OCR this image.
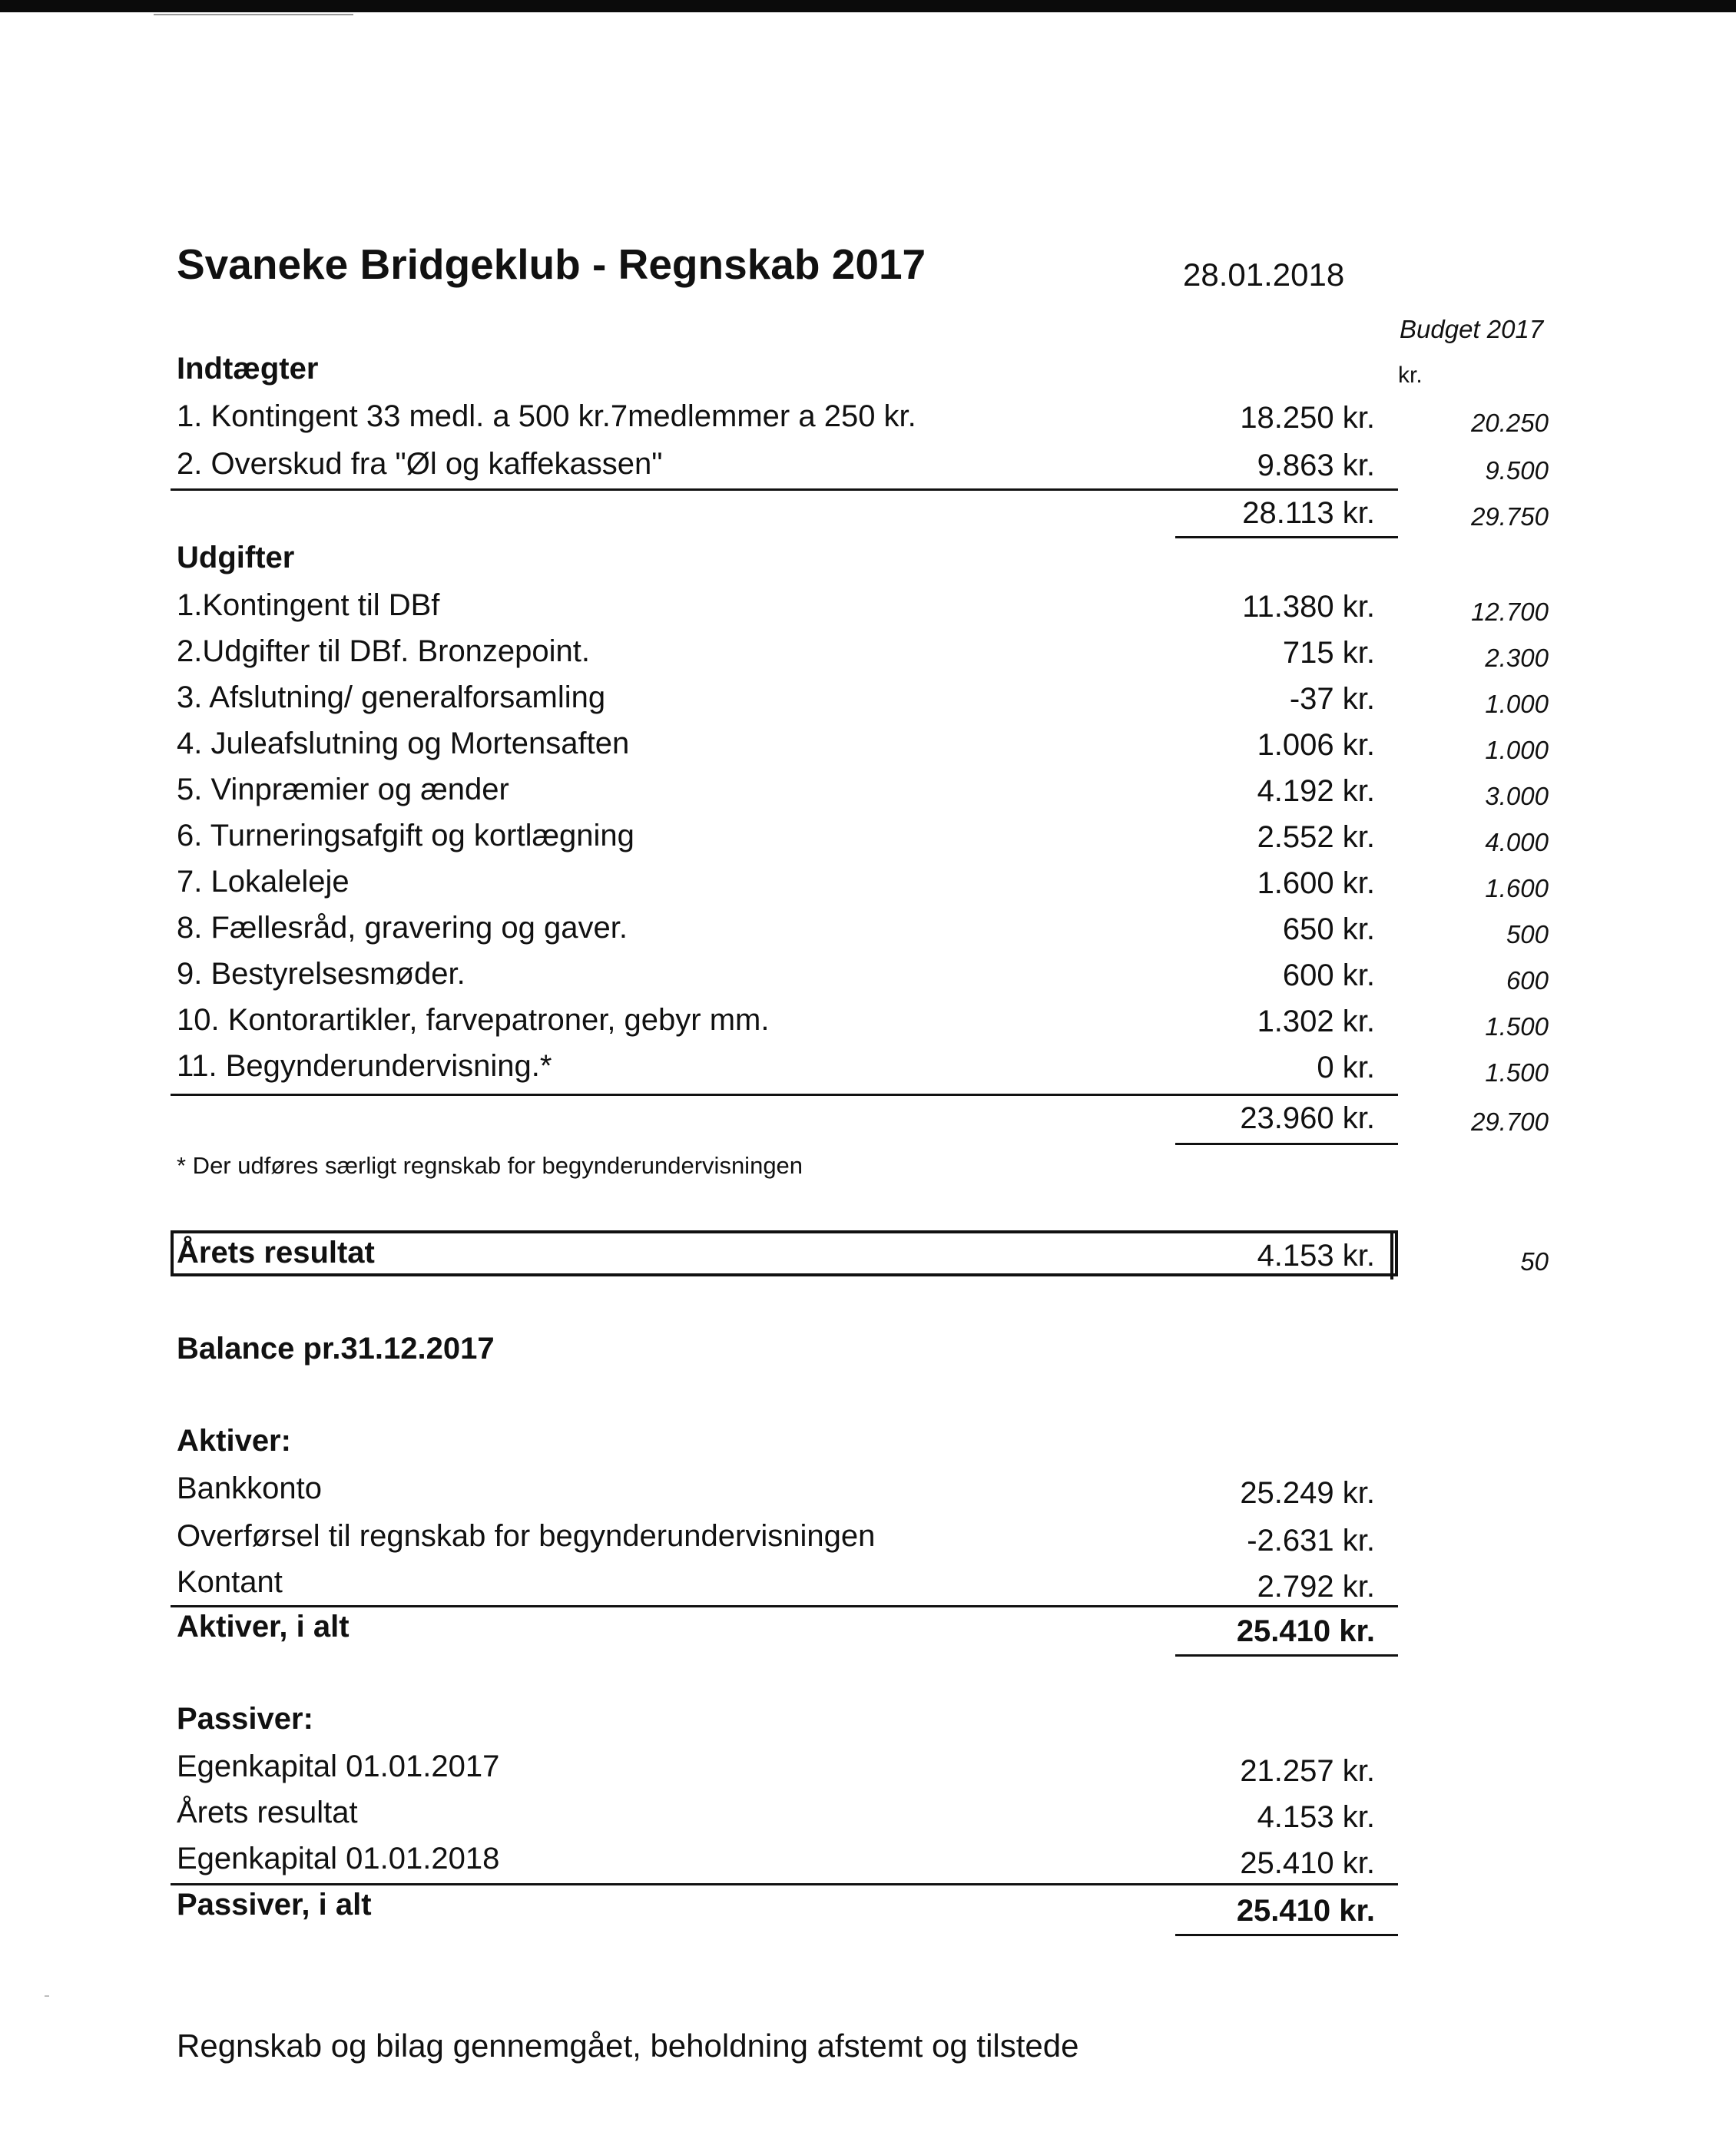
Svaneke Bridgeklub - Regnskab 2017	28.01.2018
Budget 2017
kr.
Indtægter
1. Kontingent 33 medl. a 500 kr.7medlemmer a 250 kr.	18.250 kr.	20.250
2. Overskud fra "Øl og kaffekassen"	9.863 kr.	9.500
28.113 kr.	29.750
Udgifter
1.Kontingent til DBf	11.380 kr.	12.700
2.Udgifter til DBf. Bronzepoint.	715 kr.	2.300
3. Afslutning/ generalforsamling	-37 kr.	1.000
4. Juleafslutning og Mortensaften	1.006 kr.	1.000
5. Vinpræmier og ænder	4.192 kr.	3.000
6. Turneringsafgift og kortlægning	2.552 kr.	4.000
7. Lokaleleje	1.600 kr.	1.600
8. Fællesråd, gravering og gaver.	650 kr.	500
9. Bestyrelsesmøder.	600 kr.	600
10. Kontorartikler, farvepatroner, gebyr mm.	1.302 kr.	1.500
11. Begynderundervisning.*	0 kr.	1.500
23.960 kr.	29.700
* Der udføres særligt regnskab for begynderundervisningen
Årets resultat	4.153 kr.	50
Balance pr.31.12.2017
Aktiver:
Bankkonto	25.249 kr.
Overførsel til regnskab for begynderundervisningen	-2.631 kr.
Kontant	2.792 kr.
Aktiver, i alt	25.410 kr.
Passiver:
Egenkapital 01.01.2017	21.257 kr.
Årets resultat	4.153 kr.
Egenkapital 01.01.2018	25.410 kr.
Passiver, i alt	25.410 kr.
Regnskab og bilag gennemgået, beholdning afstemt og tilstede
